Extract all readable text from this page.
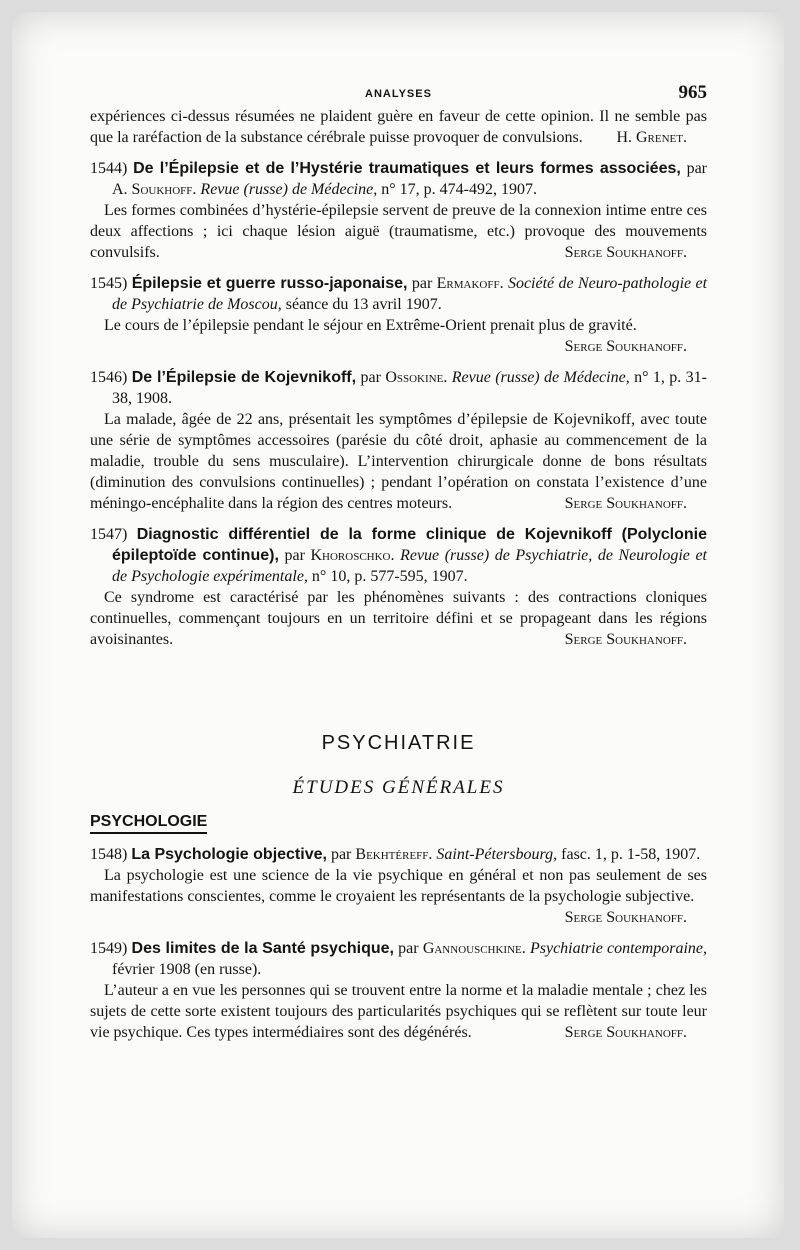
ANALYSES	965

expériences ci-dessus résumées ne plaident guère en faveur de cette opinion. Il ne semble pas que la raréfaction de la substance cérébrale puisse provoquer de convulsions. H. Grenet.

1544) De l’Épilepsie et de l’Hystérie traumatiques et leurs formes associées, par A. Soukhoff. Revue (russe) de Médecine, n° 17, p. 474-492, 1907.

Les formes combinées d’hystérie-épilepsie servent de preuve de la connexion intime entre ces deux affections ; ici chaque lésion aiguë (traumatisme, etc.) provoque des mouvements convulsifs.	Serge Soukhanoff.

1545) Épilepsie et guerre russo-japonaise, par Ermakoff. Société de Neuro-pathologie et de Psychiatrie de Moscou, séance du 13 avril 1907.

Le cours de l’épilepsie pendant le séjour en Extrême-Orient prenait plus de gravité.
Serge Soukhanoff.

1546) De l’Épilepsie de Kojevnikoff, par Ossokine. Revue (russe) de Médecine, n° 1, p. 31-38, 1908.

La malade, âgée de 22 ans, présentait les symptômes d’épilepsie de Kojevnikoff, avec toute une série de symptômes accessoires (parésie du côté droit, aphasie au commencement de la maladie, trouble du sens musculaire). L’intervention chirurgicale donne de bons résultats (diminution des convulsions continuelles) ; pendant l’opération on constata l’existence d’une méningo-encéphalite dans la région des centres moteurs.	Serge Soukhanoff.

1547) Diagnostic différentiel de la forme clinique de Kojevnikoff (Polyclonie épileptoïde continue), par Khoroschko. Revue (russe) de Psychiatrie, de Neurologie et de Psychologie expérimentale, n° 10, p. 577-595, 1907.

Ce syndrome est caractérisé par les phénomènes suivants : des contractions cloniques continuelles, commençant toujours en un territoire défini et se propageant dans les régions avoisinantes.	Serge Soukhanoff.

PSYCHIATRIE
ÉTUDES GÉNÉRALES
PSYCHOLOGIE

1548) La Psychologie objective, par Bekhtéreff. Saint-Pétersbourg, fasc. 1, p. 1-58, 1907.

La psychologie est une science de la vie psychique en général et non pas seulement de ses manifestations conscientes, comme le croyaient les représentants de la psychologie subjective.
Serge Soukhanoff.

1549) Des limites de la Santé psychique, par Gannouschkine. Psychiatrie contemporaine, février 1908 (en russe).

L’auteur a en vue les personnes qui se trouvent entre la norme et la maladie mentale ; chez les sujets de cette sorte existent toujours des particularités psychiques qui se reflètent sur toute leur vie psychique. Ces types intermédiaires sont des dégénérés.	Serge Soukhanoff.
